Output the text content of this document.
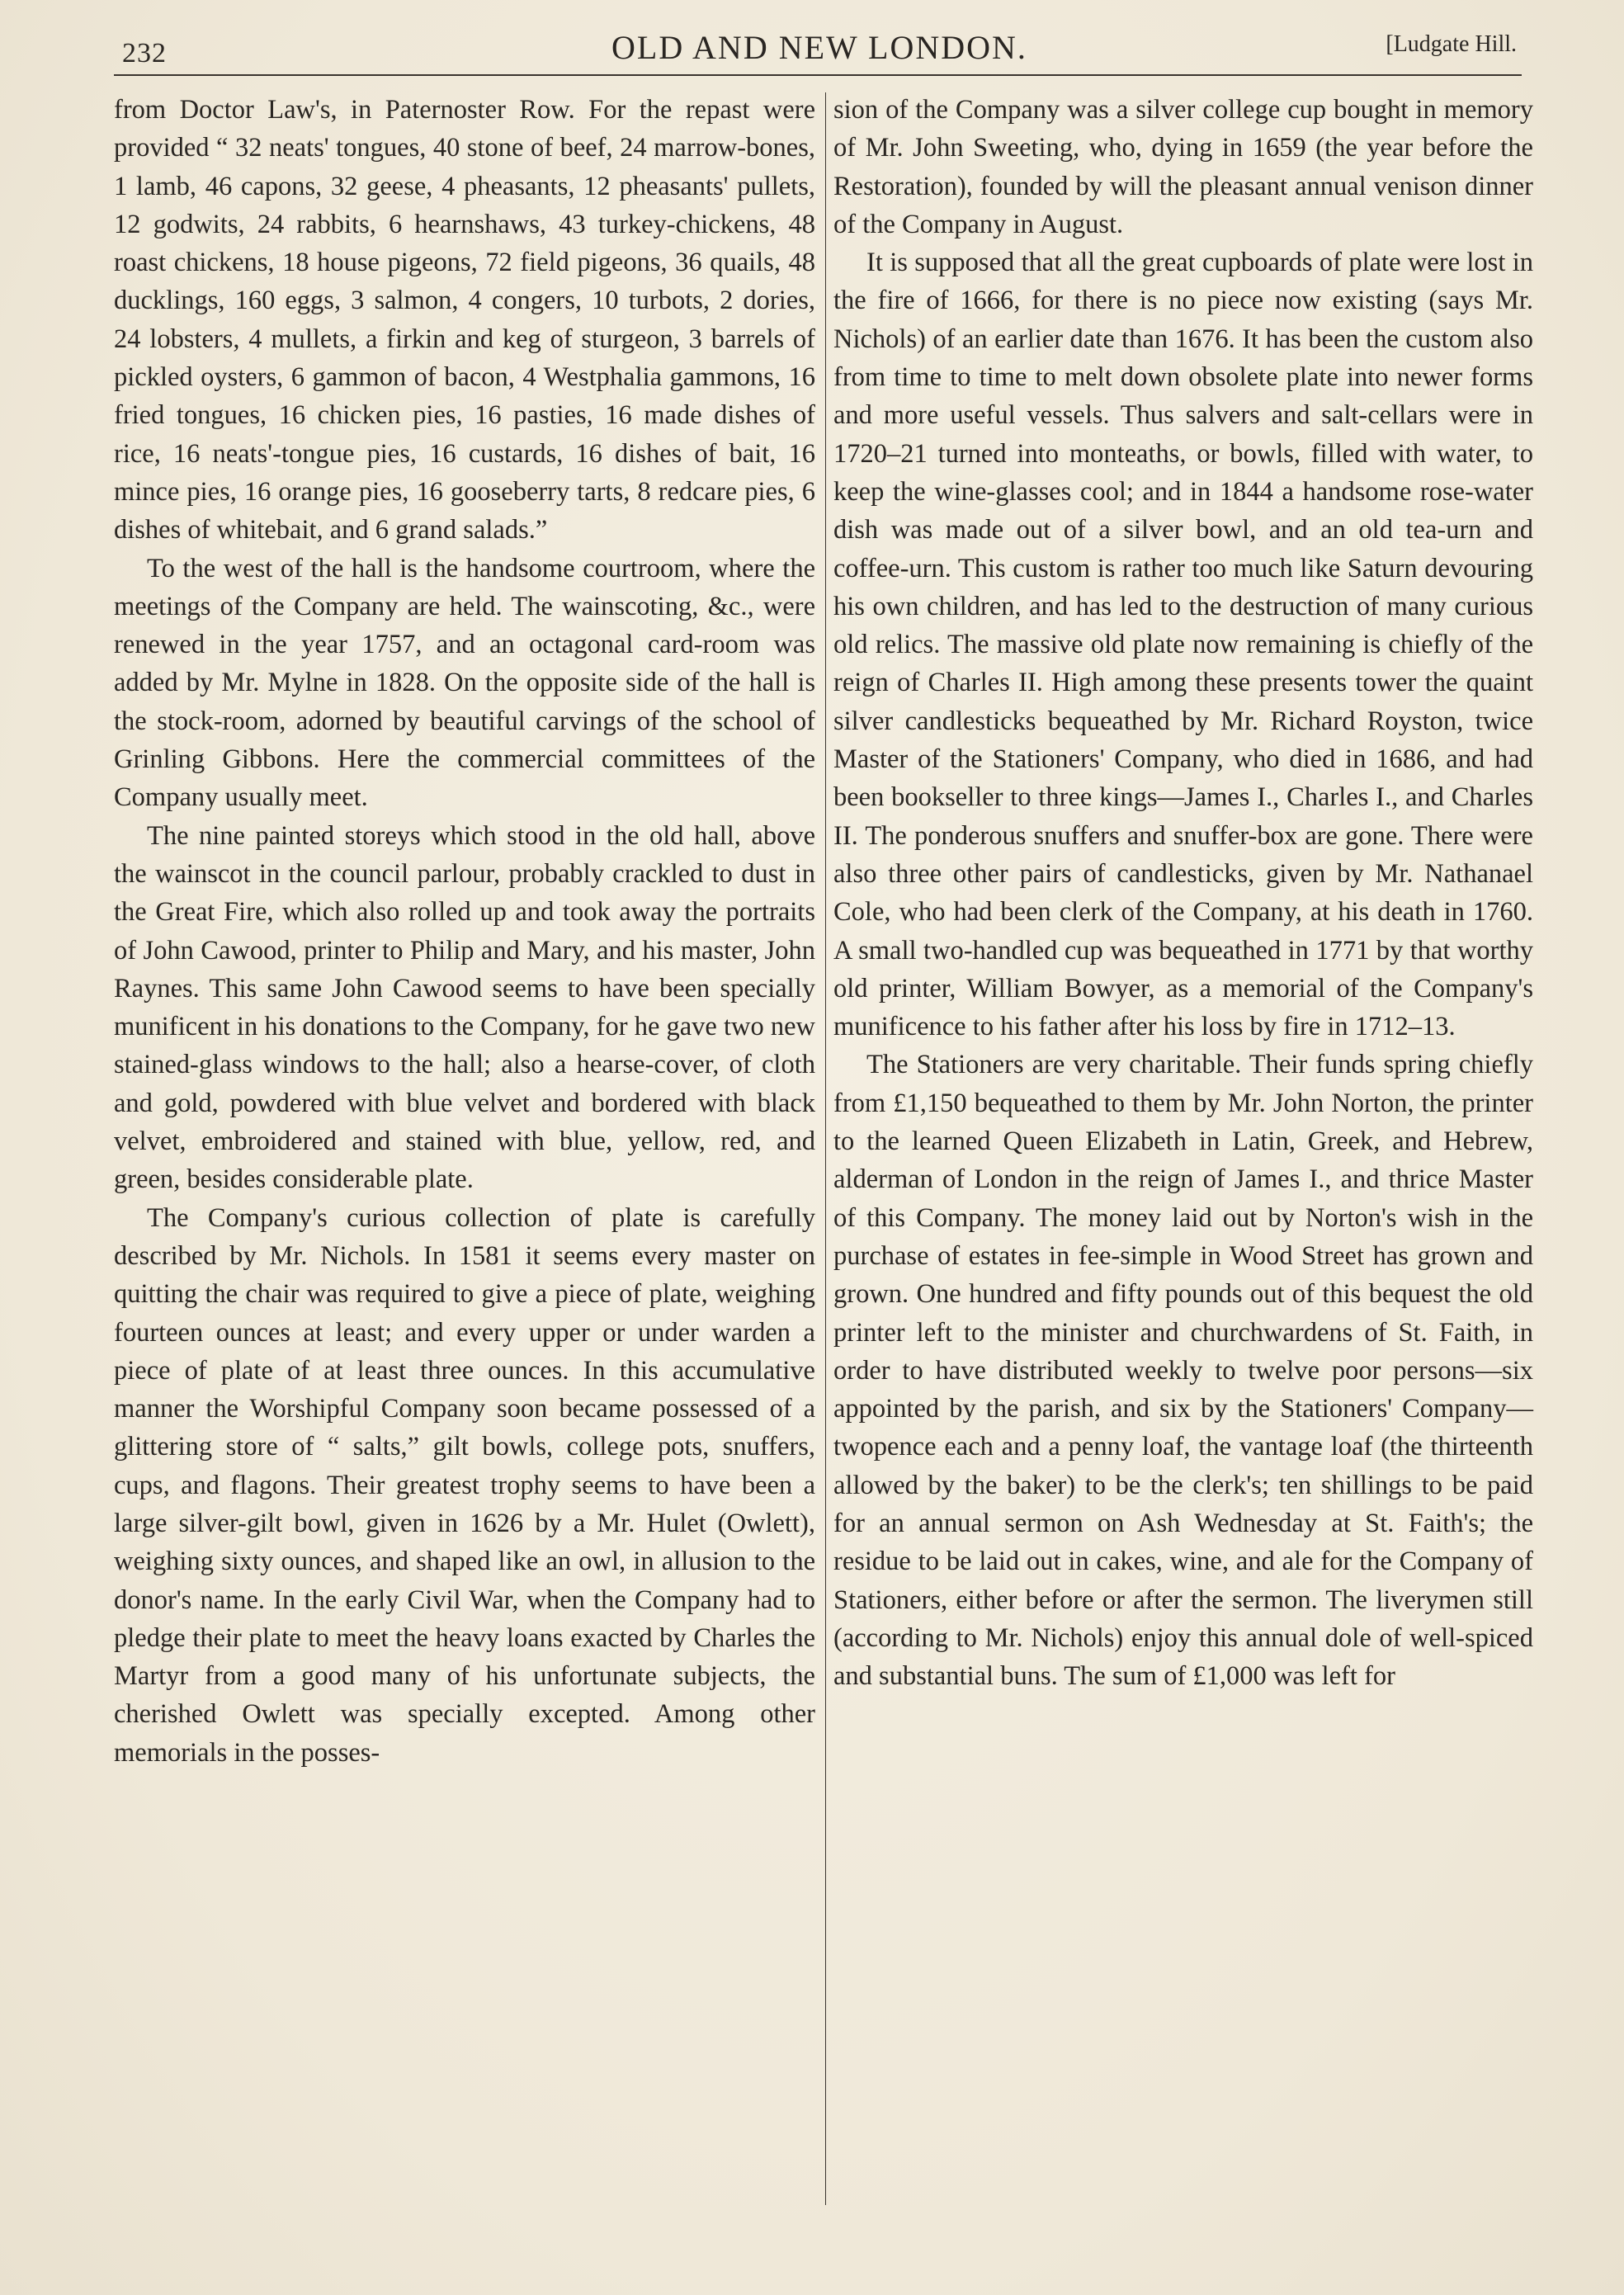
232	OLD AND NEW LONDON.	[Ludgate Hill.

from Doctor Law's, in Paternoster Row. For the repast were provided “ 32 neats' tongues, 40 stone of beef, 24 marrow-bones, 1 lamb, 46 capons, 32 geese, 4 pheasants, 12 pheasants' pullets, 12 godwits, 24 rabbits, 6 hearnshaws, 43 turkey-chickens, 48 roast chickens, 18 house pigeons, 72 field pigeons, 36 quails, 48 ducklings, 160 eggs, 3 salmon, 4 congers, 10 turbots, 2 dories, 24 lobsters, 4 mullets, a firkin and keg of sturgeon, 3 barrels of pickled oysters, 6 gammon of bacon, 4 Westphalia gammons, 16 fried tongues, 16 chicken pies, 16 pasties, 16 made dishes of rice, 16 neats'-tongue pies, 16 custards, 16 dishes of bait, 16 mince pies, 16 orange pies, 16 gooseberry tarts, 8 redcare pies, 6 dishes of whitebait, and 6 grand salads.”

To the west of the hall is the handsome courtroom, where the meetings of the Company are held. The wainscoting, &c., were renewed in the year 1757, and an octagonal card-room was added by Mr. Mylne in 1828. On the opposite side of the hall is the stock-room, adorned by beautiful carvings of the school of Grinling Gibbons. Here the commercial committees of the Company usually meet.

The nine painted storeys which stood in the old hall, above the wainscot in the council parlour, probably crackled to dust in the Great Fire, which also rolled up and took away the portraits of John Cawood, printer to Philip and Mary, and his master, John Raynes. This same John Cawood seems to have been specially munificent in his donations to the Company, for he gave two new stained-glass windows to the hall; also a hearse-cover, of cloth and gold, powdered with blue velvet and bordered with black velvet, embroidered and stained with blue, yellow, red, and green, besides considerable plate.

The Company's curious collection of plate is carefully described by Mr. Nichols. In 1581 it seems every master on quitting the chair was required to give a piece of plate, weighing fourteen ounces at least; and every upper or under warden a piece of plate of at least three ounces. In this accumulative manner the Worshipful Company soon became possessed of a glittering store of “ salts,” gilt bowls, college pots, snuffers, cups, and flagons. Their greatest trophy seems to have been a large silver-gilt bowl, given in 1626 by a Mr. Hulet (Owlett), weighing sixty ounces, and shaped like an owl, in allusion to the donor's name. In the early Civil War, when the Company had to pledge their plate to meet the heavy loans exacted by Charles the Martyr from a good many of his unfortunate subjects, the cherished Owlett was specially excepted. Among other memorials in the posses-

sion of the Company was a silver college cup bought in memory of Mr. John Sweeting, who, dying in 1659 (the year before the Restoration), founded by will the pleasant annual venison dinner of the Company in August.

It is supposed that all the great cupboards of plate were lost in the fire of 1666, for there is no piece now existing (says Mr. Nichols) of an earlier date than 1676. It has been the custom also from time to time to melt down obsolete plate into newer forms and more useful vessels. Thus salvers and salt-cellars were in 1720–21 turned into monteaths, or bowls, filled with water, to keep the wine-glasses cool; and in 1844 a handsome rose-water dish was made out of a silver bowl, and an old tea-urn and coffee-urn. This custom is rather too much like Saturn devouring his own children, and has led to the destruction of many curious old relics. The massive old plate now remaining is chiefly of the reign of Charles II. High among these presents tower the quaint silver candlesticks bequeathed by Mr. Richard Royston, twice Master of the Stationers' Company, who died in 1686, and had been bookseller to three kings—James I., Charles I., and Charles II. The ponderous snuffers and snuffer-box are gone. There were also three other pairs of candlesticks, given by Mr. Nathanael Cole, who had been clerk of the Company, at his death in 1760. A small two-handled cup was bequeathed in 1771 by that worthy old printer, William Bowyer, as a memorial of the Company's munificence to his father after his loss by fire in 1712–13.

The Stationers are very charitable. Their funds spring chiefly from £1,150 bequeathed to them by Mr. John Norton, the printer to the learned Queen Elizabeth in Latin, Greek, and Hebrew, alderman of London in the reign of James I., and thrice Master of this Company. The money laid out by Norton's wish in the purchase of estates in fee-simple in Wood Street has grown and grown. One hundred and fifty pounds out of this bequest the old printer left to the minister and churchwardens of St. Faith, in order to have distributed weekly to twelve poor persons—six appointed by the parish, and six by the Stationers' Company—twopence each and a penny loaf, the vantage loaf (the thirteenth allowed by the baker) to be the clerk's; ten shillings to be paid for an annual sermon on Ash Wednesday at St. Faith's; the residue to be laid out in cakes, wine, and ale for the Company of Stationers, either before or after the sermon. The liverymen still (according to Mr. Nichols) enjoy this annual dole of well-spiced and substantial buns. The sum of £1,000 was left for
